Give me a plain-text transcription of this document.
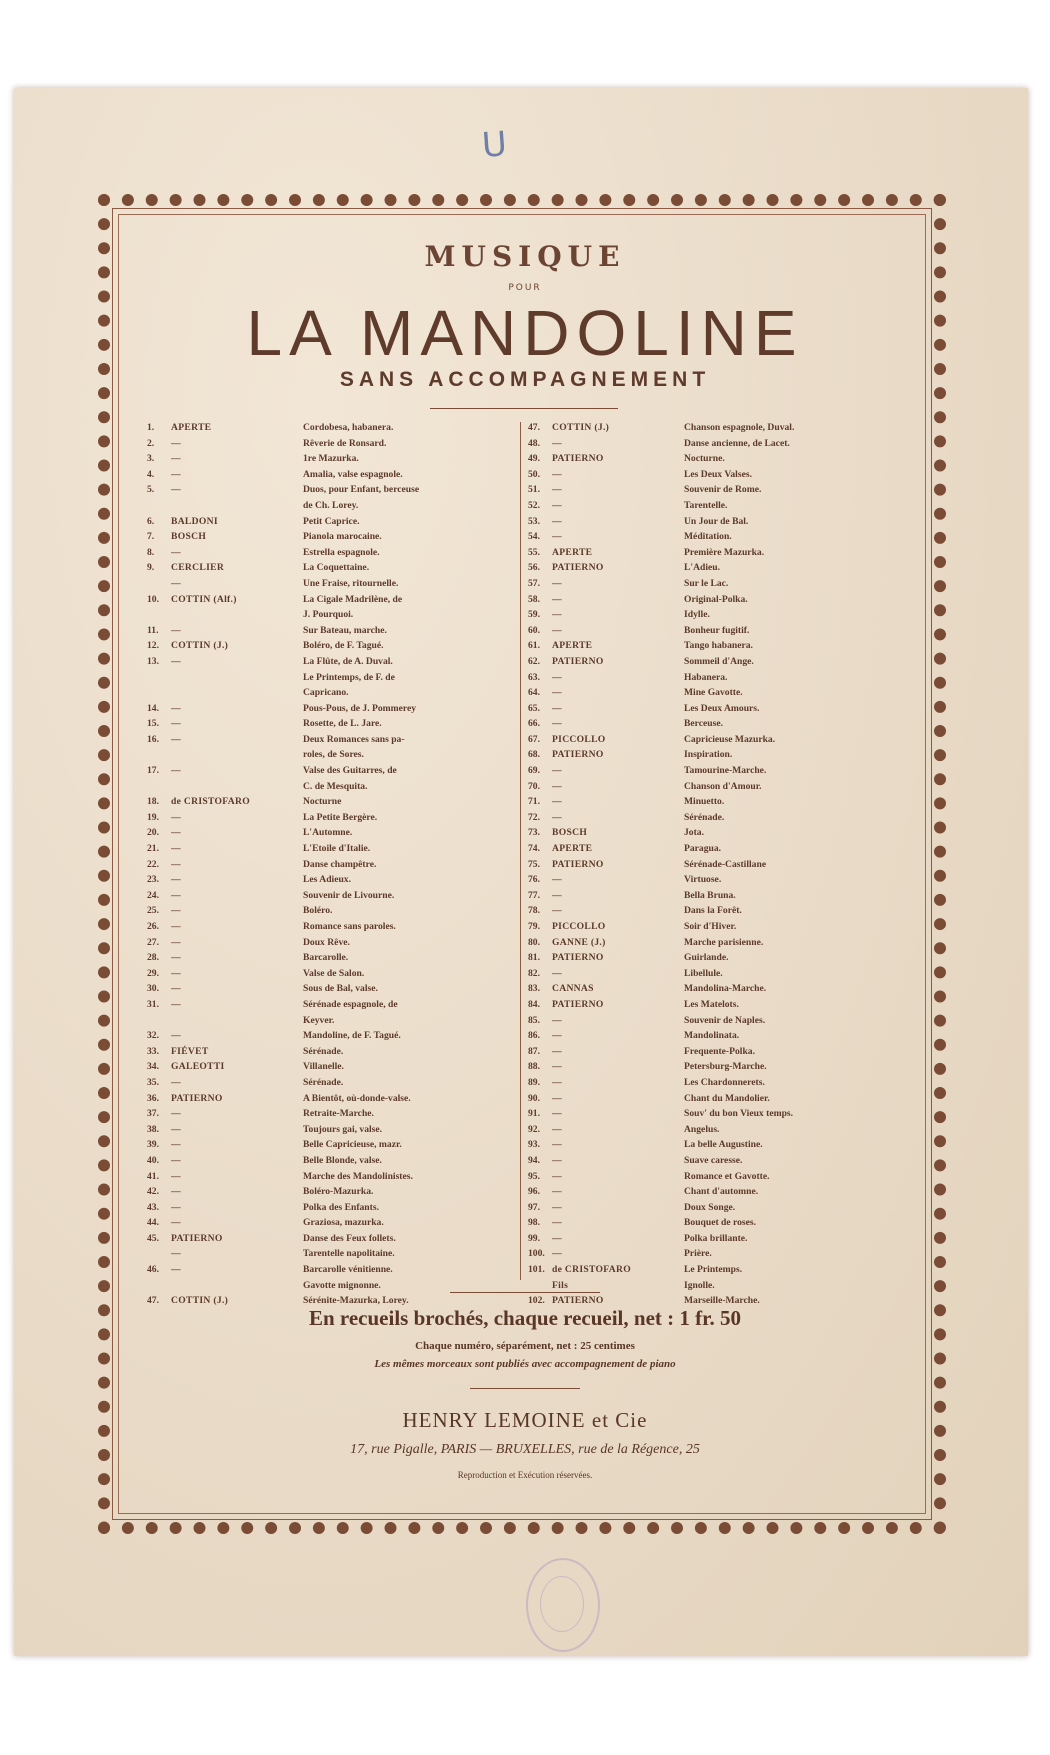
U
MUSIQUE
POUR
LA MANDOLINE
SANS ACCOMPAGNEMENT
1.	APERTE	Cordobesa, habanera.
2.	—	Rêverie de Ronsard.
3.	—	1re Mazurka.
4.	—	Amalia, valse espagnole.
5.	—	Duos, pour Enfant, berceuse
de Ch. Lorey.
6.	BALDONI	Petit Caprice.
7.	BOSCH	Pianola marocaine.
8.	—	Estrella espagnole.
9.	CERCLIER	La Coquettaine.
—	Une Fraise, ritournelle.
10.	COTTIN (Alf.)	La Cigale Madrilène, de
J. Pourquoi.
11.	—	Sur Bateau, marche.
12.	COTTIN (J.)	Boléro, de F. Tagué.
13.	—	La Flûte, de A. Duval.
Le Printemps, de F. de
Capricano.
14.	—	Pous-Pous, de J. Pommerey
15.	—	Rosette, de L. Jare.
16.	—	Deux Romances sans pa-
roles, de Sores.
17.	—	Valse des Guitarres, de
C. de Mesquita.
18.	de CRISTOFARO	Nocturne
19.	—	La Petite Bergère.
20.	—	L'Automne.
21.	—	L'Etoile d'Italie.
22.	—	Danse champêtre.
23.	—	Les Adieux.
24.	—	Souvenir de Livourne.
25.	—	Boléro.
26.	—	Romance sans paroles.
27.	—	Doux Rêve.
28.	—	Barcarolle.
29.	—	Valse de Salon.
30.	—	Sous de Bal, valse.
31.	—	Sérénade espagnole, de
Keyver.
32.	—	Mandoline, de F. Tagué.
33.	FIÉVET	Sérénade.
34.	GALEOTTI	Villanelle.
35.	—	Sérénade.
36.	PATIERNO	A Bientôt, où-donde-valse.
37.	—	Retraite-Marche.
38.	—	Toujours gai, valse.
39.	—	Belle Capricieuse, mazr.
40.	—	Belle Blonde, valse.
41.	—	Marche des Mandolinistes.
42.	—	Boléro-Mazurka.
43.	—	Polka des Enfants.
44.	—	Graziosa, mazurka.
45.	PATIERNO	Danse des Feux follets.
—	Tarentelle napolitaine.
46.	—	Barcarolle vénitienne.
Gavotte mignonne.
47.	COTTIN (J.)	Sérénite-Mazurka, Lorey.
47.	COTTIN (J.)	Chanson espagnole, Duval.
48.	—	Danse ancienne, de Lacet.
49.	PATIERNO	Nocturne.
50.	—	Les Deux Valses.
51.	—	Souvenir de Rome.
52.	—	Tarentelle.
53.	—	Un Jour de Bal.
54.	—	Méditation.
55.	APERTE	Première Mazurka.
56.	PATIERNO	L'Adieu.
57.	—	Sur le Lac.
58.	—	Original-Polka.
59.	—	Idylle.
60.	—	Bonheur fugitif.
61.	APERTE	Tango habanera.
62.	PATIERNO	Sommeil d'Ange.
63.	—	Habanera.
64.	—	Mine Gavotte.
65.	—	Les Deux Amours.
66.	—	Berceuse.
67.	PICCOLLO	Capricieuse Mazurka.
68.	PATIERNO	Inspiration.
69.	—	Tamourine-Marche.
70.	—	Chanson d'Amour.
71.	—	Minuetto.
72.	—	Sérénade.
73.	BOSCH	Jota.
74.	APERTE	Paragua.
75.	PATIERNO	Sérénade-Castillane
76.	—	Virtuose.
77.	—	Bella Bruna.
78.	—	Dans la Forêt.
79.	PICCOLLO	Soir d'Hiver.
80.	GANNE (J.)	Marche parisienne.
81.	PATIERNO	Guirlande.
82.	—	Libellule.
83.	CANNAS	Mandolina-Marche.
84.	PATIERNO	Les Matelots.
85.	—	Souvenir de Naples.
86.	—	Mandolinata.
87.	—	Frequente-Polka.
88.	—	Petersburg-Marche.
89.	—	Les Chardonnerets.
90.	—	Chant du Mandolier.
91.	—	Souv' du bon Vieux temps.
92.	—	Angelus.
93.	—	La belle Augustine.
94.	—	Suave caresse.
95.	—	Romance et Gavotte.
96.	—	Chant d'automne.
97.	—	Doux Songe.
98.	—	Bouquet de roses.
99.	—	Polka brillante.
100. —	Prière.
101. de CRISTOFARO	Le Printemps.
Fils	Ignolle.
102. PATIERNO	Marseille-Marche.
En recueils brochés, chaque recueil, net : 1 fr. 50
Chaque numéro, séparément, net : 25 centimes
Les mêmes morceaux sont publiés avec accompagnement de piano
HENRY LEMOINE et Cie
17, rue Pigalle, PARIS — BRUXELLES, rue de la Régence, 25
Reproduction et Exécution réservées.
